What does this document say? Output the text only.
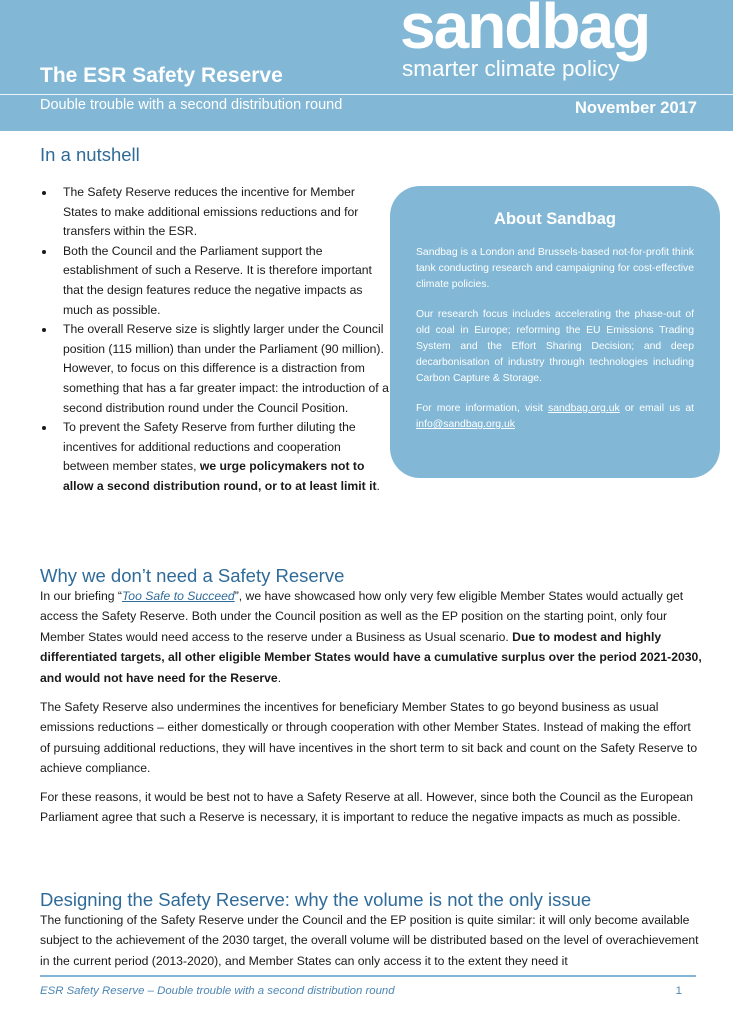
sandbag
smarter climate policy
The ESR Safety Reserve
Double trouble with a second distribution round	November 2017
In a nutshell
The Safety Reserve reduces the incentive for Member States to make additional emissions reductions and for transfers within the ESR.
Both the Council and the Parliament support the establishment of such a Reserve. It is therefore important that the design features reduce the negative impacts as much as possible.
The overall Reserve size is slightly larger under the Council position (115 million) than under the Parliament (90 million). However, to focus on this difference is a distraction from something that has a far greater impact: the introduction of a second distribution round under the Council Position.
To prevent the Safety Reserve from further diluting the incentives for additional reductions and cooperation between member states, we urge policymakers not to allow a second distribution round, or to at least limit it.
About Sandbag

Sandbag is a London and Brussels-based not-for-profit think tank conducting research and campaigning for cost-effective climate policies.

Our research focus includes accelerating the phase-out of old coal in Europe; reforming the EU Emissions Trading System and the Effort Sharing Decision; and deep decarbonisation of industry through technologies including Carbon Capture & Storage.

For more information, visit sandbag.org.uk or email us at info@sandbag.org.uk

Why we don’t need a Safety Reserve

In our briefing “Too Safe to Succeed”, we have showcased how only very few eligible Member States would actually get access the Safety Reserve. Both under the Council position as well as the EP position on the starting point, only four Member States would need access to the reserve under a Business as Usual scenario. Due to modest and highly differentiated targets, all other eligible Member States would have a cumulative surplus over the period 2021-2030, and would not have need for the Reserve.

The Safety Reserve also undermines the incentives for beneficiary Member States to go beyond business as usual emissions reductions – either domestically or through cooperation with other Member States. Instead of making the effort of pursuing additional reductions, they will have incentives in the short term to sit back and count on the Safety Reserve to achieve compliance.

For these reasons, it would be best not to have a Safety Reserve at all. However, since both the Council as the European Parliament agree that such a Reserve is necessary, it is important to reduce the negative impacts as much as possible.

Designing the Safety Reserve: why the volume is not the only issue

The functioning of the Safety Reserve under the Council and the EP position is quite similar: it will only become available subject to the achievement of the 2030 target, the overall volume will be distributed based on the level of overachievement in the current period (2013-2020), and Member States can only access it to the extent they need it

ESR Safety Reserve – Double trouble with a second distribution round	1
